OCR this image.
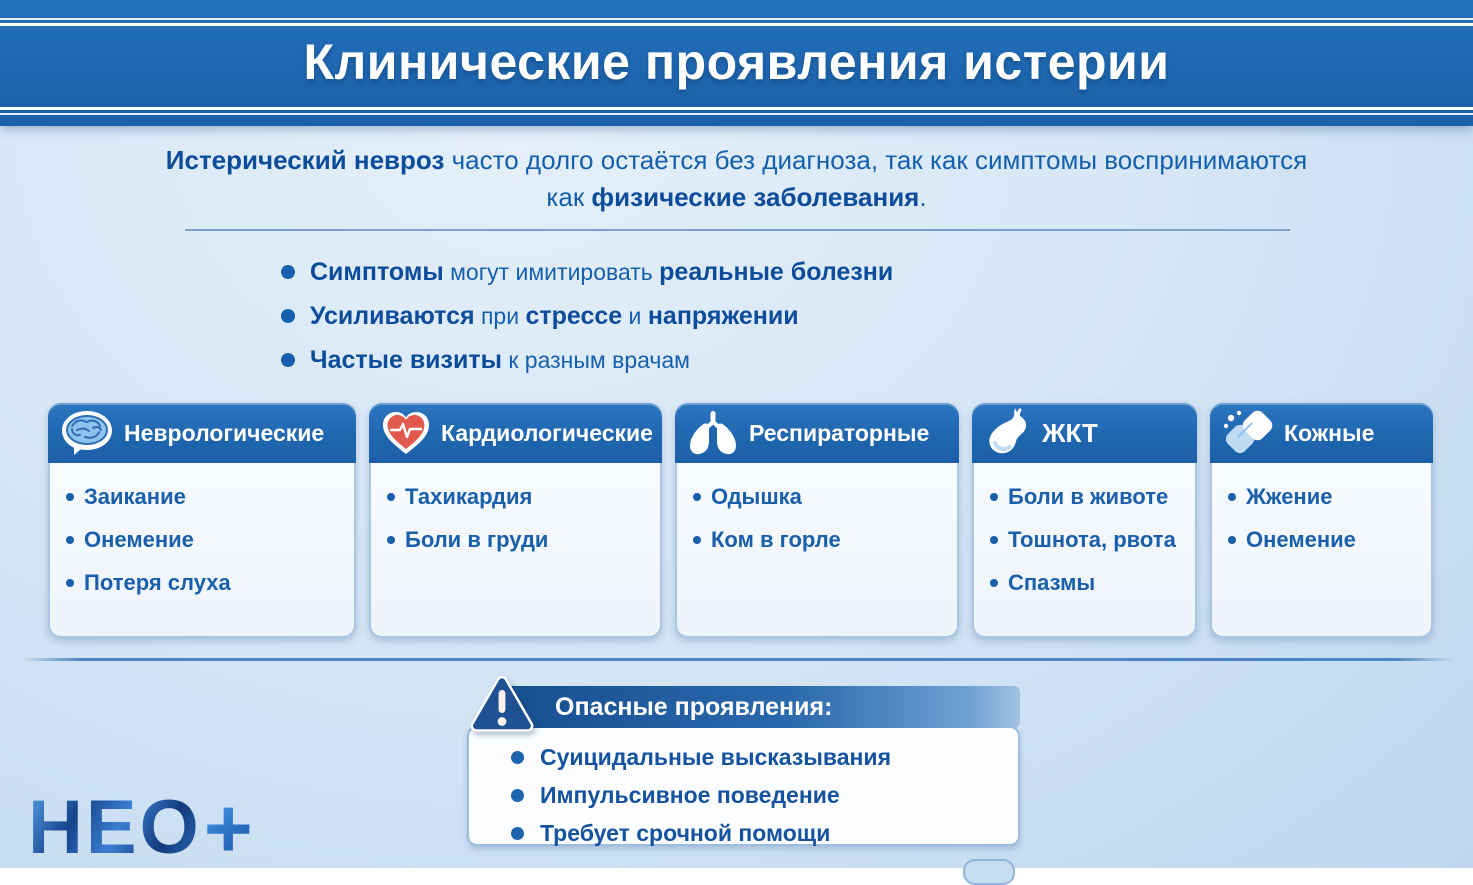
Клинические проявления истерии

Истерический невроз часто долго остаётся без диагноза, так как симптомы воспринимаются как физические заболевания.

Симптомы могут имитировать реальные болезни
Усиливаются при стрессе и напряжении
Частые визиты к разным врачам
Неврологические
Заикание
Онемение
Потеря слуха
Кардиологические
Тахикардия
Боли в груди
Респираторные
Одышка
Ком в горле
ЖКТ
Боли в животе
Тошнота, рвота
Спазмы
Кожные
Жжение
Онемение
Опасные проявления:
Суицидальные высказывания
Импульсивное поведение
Требует срочной помощи
НЕО +
